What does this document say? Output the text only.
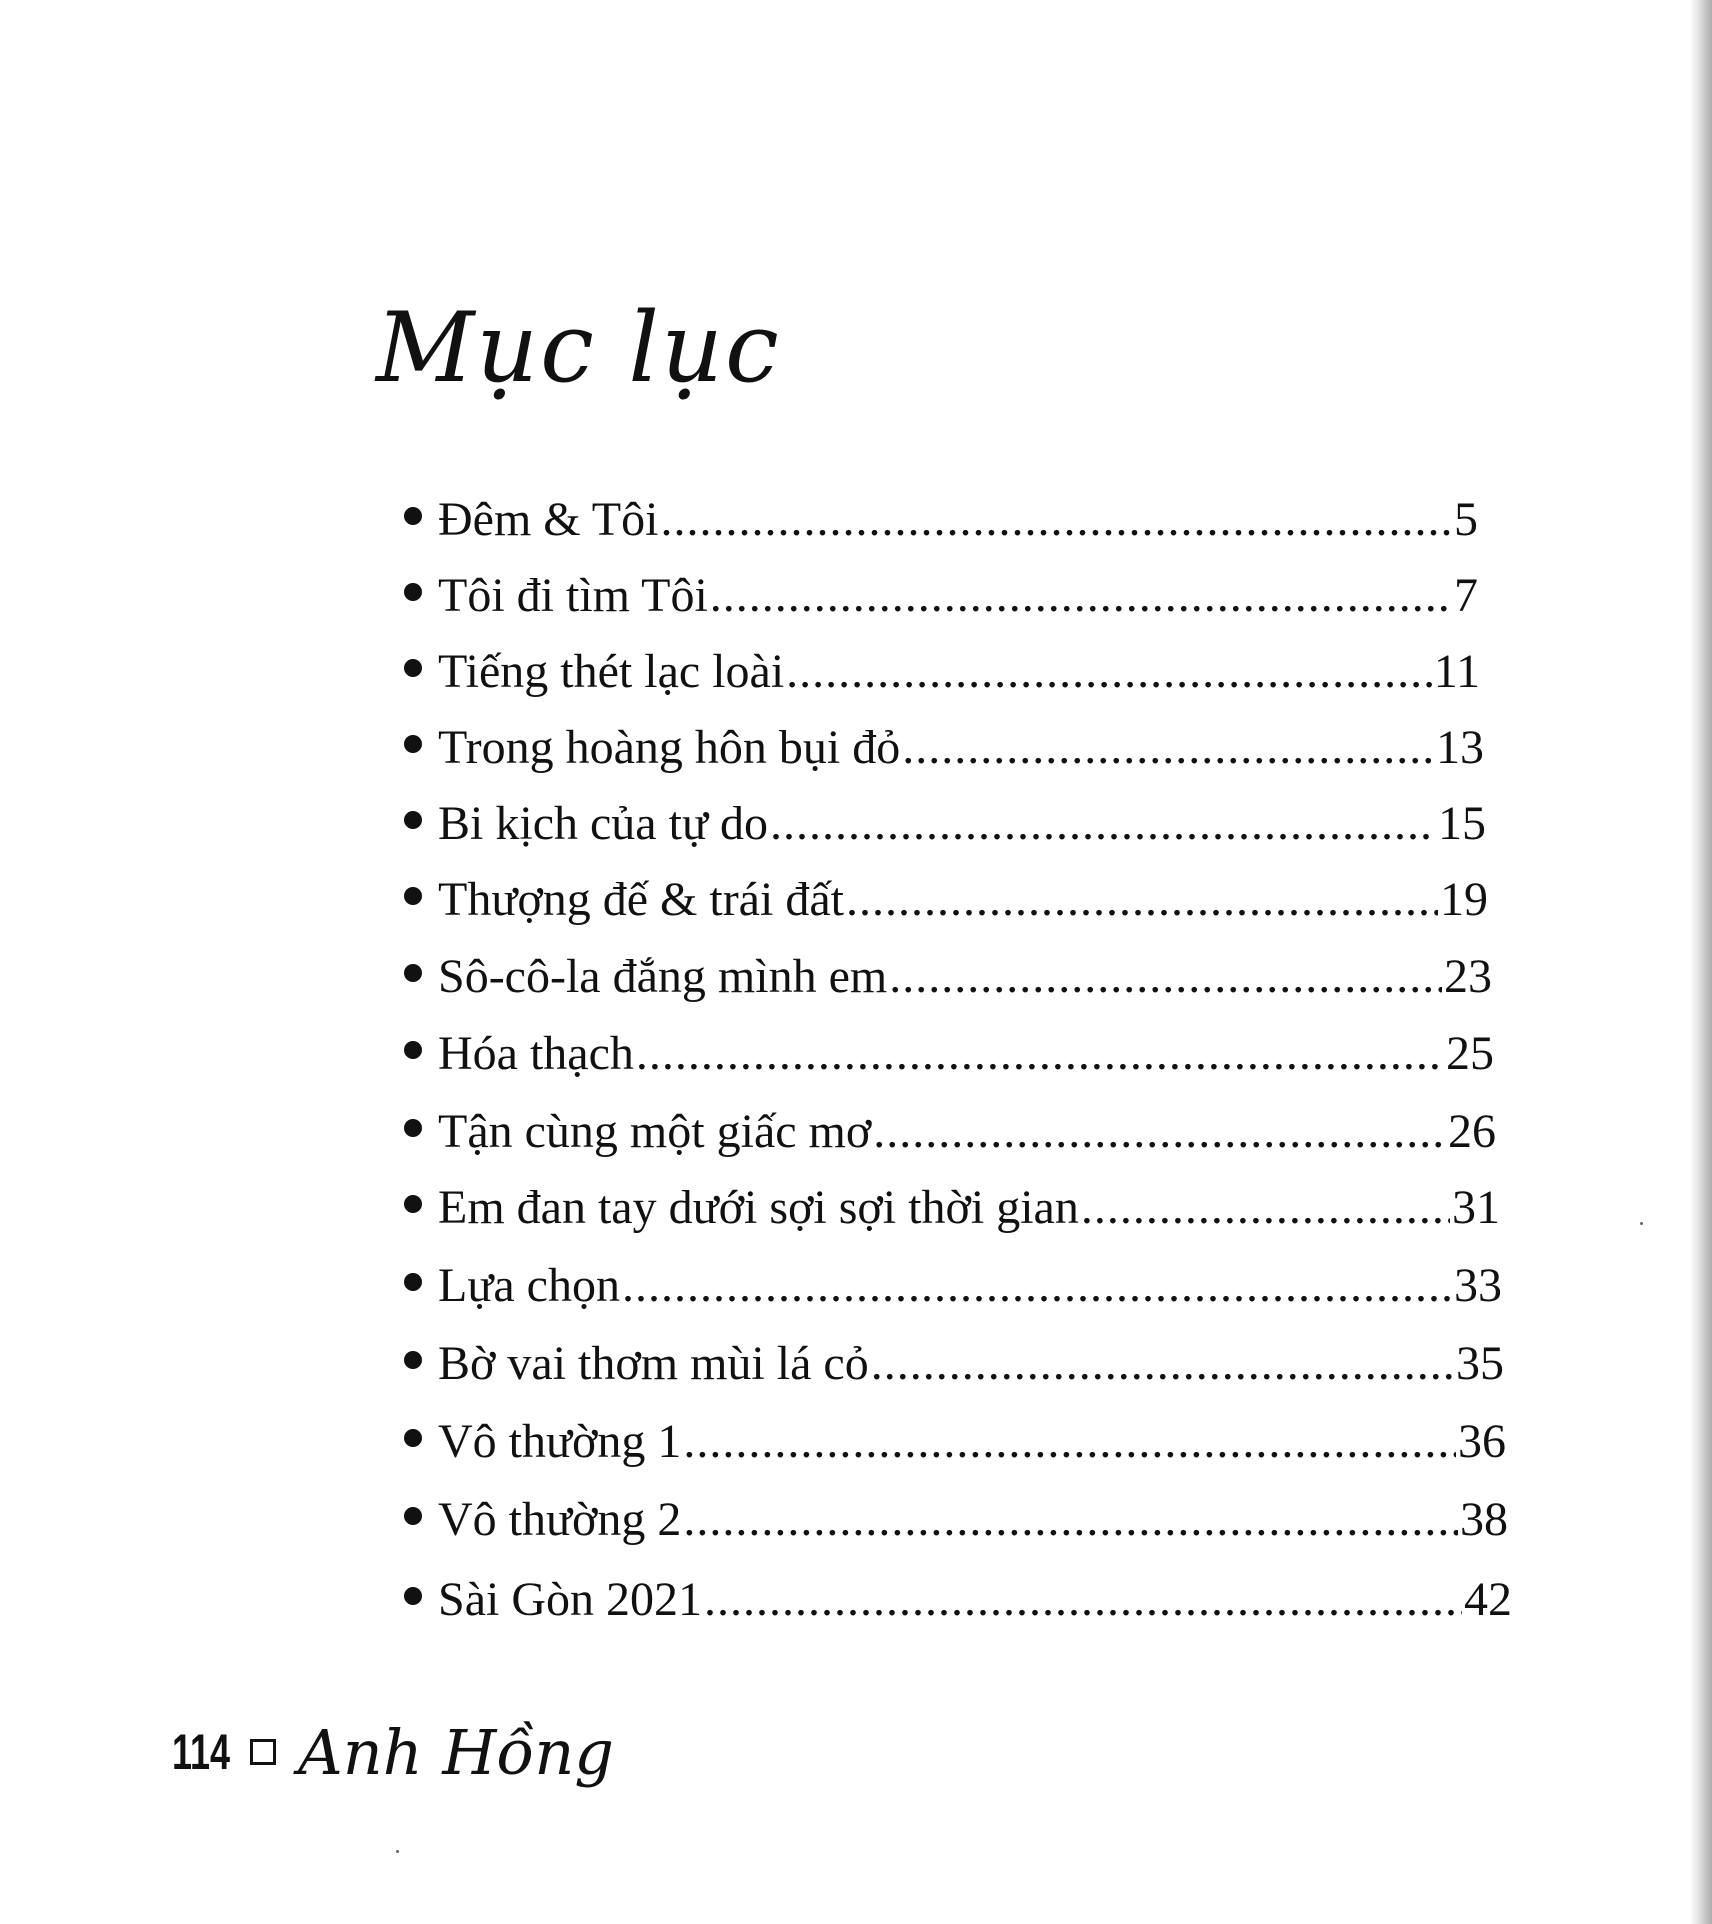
Mục lục
Đêm & Tôi .....	5
Tôi đi tìm Tôi .....	7
Tiếng thét lạc loài .....	11
Trong hoàng hôn bụi đỏ .....	13
Bi kịch của tự do .....	15
Thượng đế & trái đất .....	19
Sô-cô-la đắng mình em .....	23
Hóa thạch .....	25
Tận cùng một giấc mơ .....	26
Em đan tay dưới sợi sợi thời gian .....	31
Lựa chọn .....	33
Bờ vai thơm mùi lá cỏ .....	35
Vô thường 1 .....	36
Vô thường 2 .....	38
Sài Gòn 2021 .....	42
114 Anh Hồng
